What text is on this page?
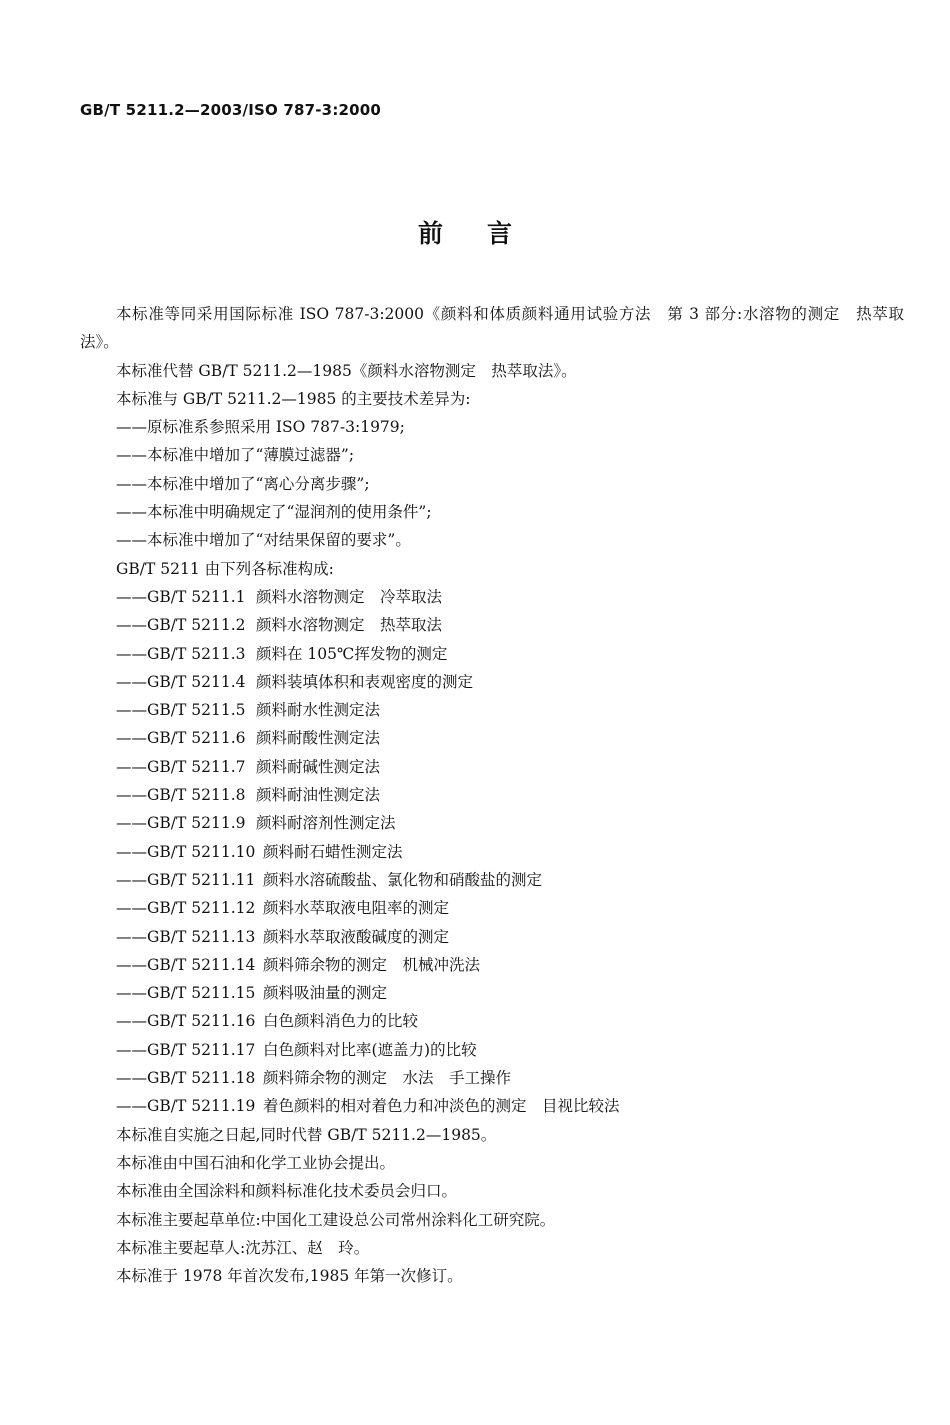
GB/T 5211.2—2003/ISO 787-3:2000
前言

本标准等同采用国际标准 ISO 787-3:2000《颜料和体质颜料通用试验方法　第 3 部分:水溶物的测定　热萃取法》。

本标准代替 GB/T 5211.2—1985《颜料水溶物测定　热萃取法》。

本标准与 GB/T 5211.2—1985 的主要技术差异为:

——原标准系参照采用 ISO 787-3:1979;

——本标准中增加了“薄膜过滤器”;

——本标准中增加了“离心分离步骤”;

——本标准中明确规定了“湿润剂的使用条件”;

——本标准中增加了“对结果保留的要求”。

GB/T 5211 由下列各标准构成:

——GB/T 5211.1 颜料水溶物测定　冷萃取法

——GB/T 5211.2 颜料水溶物测定　热萃取法

——GB/T 5211.3 颜料在 105℃挥发物的测定

——GB/T 5211.4 颜料装填体积和表观密度的测定

——GB/T 5211.5 颜料耐水性测定法

——GB/T 5211.6 颜料耐酸性测定法

——GB/T 5211.7 颜料耐碱性测定法

——GB/T 5211.8 颜料耐油性测定法

——GB/T 5211.9 颜料耐溶剂性测定法

——GB/T 5211.10 颜料耐石蜡性测定法

——GB/T 5211.11 颜料水溶硫酸盐、氯化物和硝酸盐的测定

——GB/T 5211.12 颜料水萃取液电阻率的测定

——GB/T 5211.13 颜料水萃取液酸碱度的测定

——GB/T 5211.14 颜料筛余物的测定　机械冲洗法

——GB/T 5211.15 颜料吸油量的测定

——GB/T 5211.16 白色颜料消色力的比较

——GB/T 5211.17 白色颜料对比率(遮盖力)的比较

——GB/T 5211.18 颜料筛余物的测定　水法　手工操作

——GB/T 5211.19 着色颜料的相对着色力和冲淡色的测定　目视比较法

本标准自实施之日起,同时代替 GB/T 5211.2—1985。

本标准由中国石油和化学工业协会提出。

本标准由全国涂料和颜料标准化技术委员会归口。

本标准主要起草单位:中国化工建设总公司常州涂料化工研究院。

本标准主要起草人:沈苏江、赵　玲。

本标准于 1978 年首次发布,1985 年第一次修订。
